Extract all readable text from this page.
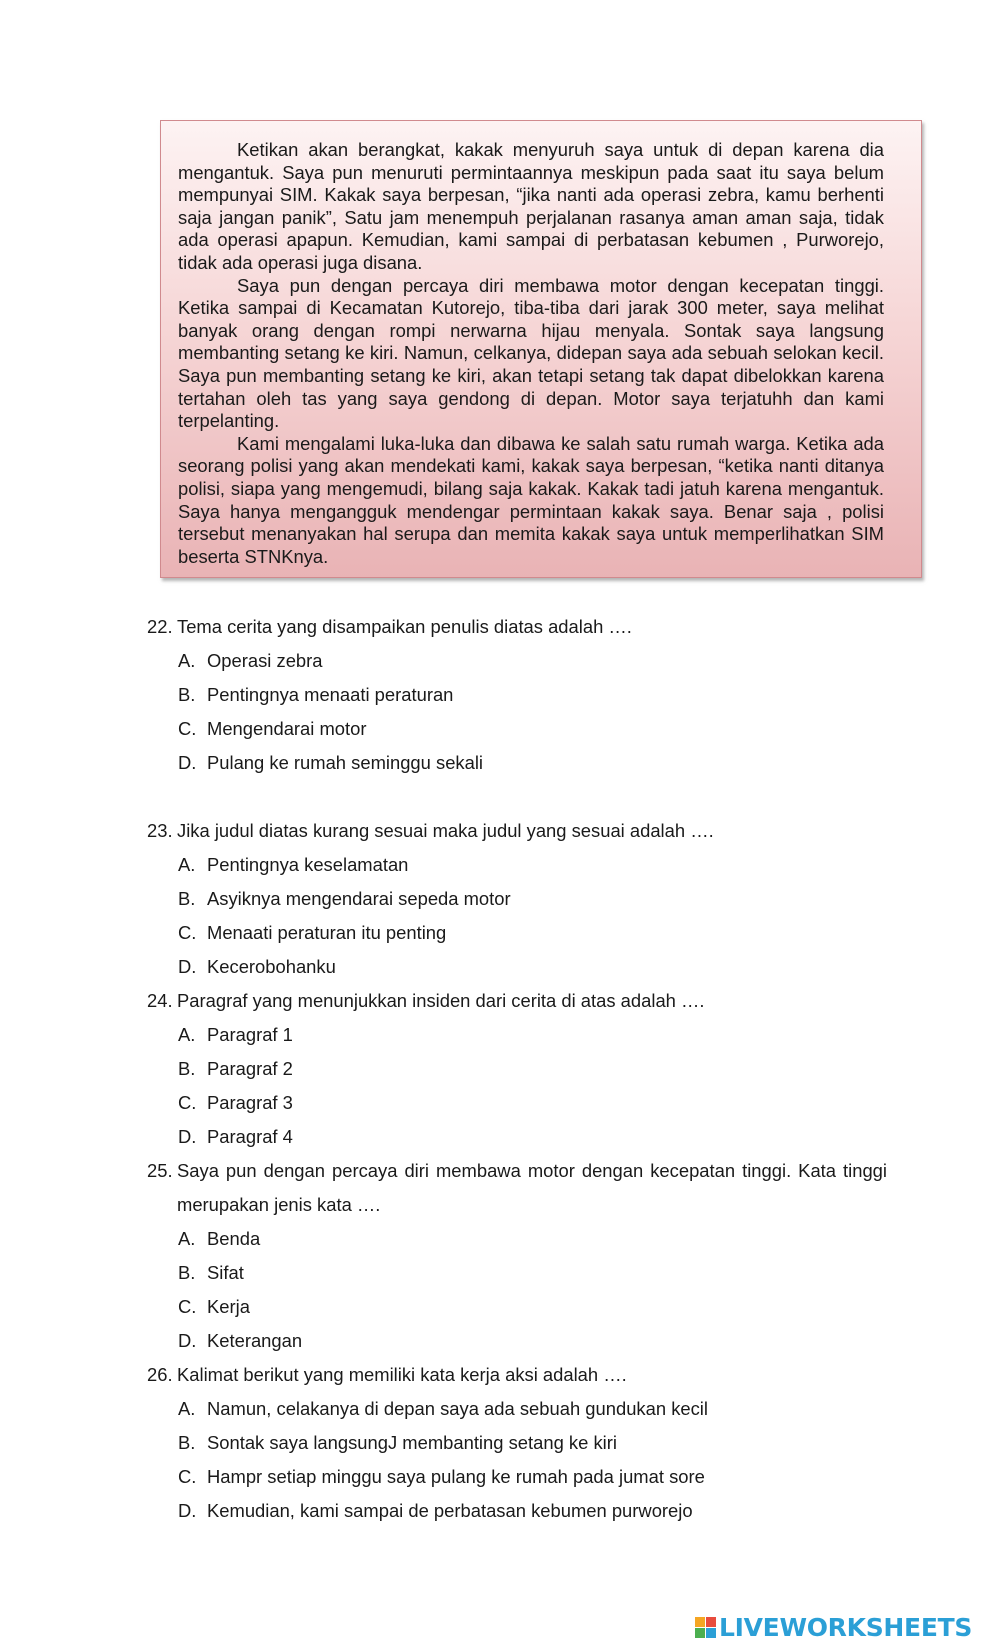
Ketikan akan berangkat, kakak menyuruh saya untuk di depan karena dia mengantuk. Saya pun menuruti permintaannya meskipun pada saat itu saya belum mempunyai SIM. Kakak saya berpesan, “jika nanti ada operasi zebra, kamu berhenti saja jangan panik”, Satu jam menempuh perjalanan rasanya aman aman saja, tidak ada operasi apapun. Kemudian, kami sampai di perbatasan kebumen , Purworejo, tidak ada operasi juga disana.

Saya pun dengan percaya diri membawa motor dengan kecepatan tinggi. Ketika sampai di Kecamatan Kutorejo, tiba-tiba dari jarak 300 meter, saya melihat banyak orang dengan rompi nerwarna hijau menyala. Sontak saya langsung membanting setang ke kiri. Namun, celkanya, didepan saya ada sebuah selokan kecil. Saya pun membanting setang ke kiri, akan tetapi setang tak dapat dibelokkan karena tertahan oleh tas yang saya gendong di depan. Motor saya terjatuhh dan kami terpelanting.

Kami mengalami luka-luka dan dibawa ke salah satu rumah warga. Ketika ada seorang polisi yang akan mendekati kami, kakak saya berpesan, “ketika nanti ditanya polisi, siapa yang mengemudi, bilang saja kakak. Kakak tadi jatuh karena mengantuk. Saya hanya mengangguk mendengar permintaan kakak saya. Benar saja , polisi tersebut menanyakan hal serupa dan memita kakak saya untuk memperlihatkan SIM beserta STNKnya.

22. Tema cerita yang disampaikan penulis diatas adalah ….
A. Operasi zebra
B. Pentingnya menaati peraturan
C. Mengendarai motor
D. Pulang ke rumah seminggu sekali
23. Jika judul diatas kurang sesuai maka judul yang sesuai adalah ….
A. Pentingnya keselamatan
B. Asyiknya mengendarai sepeda motor
C. Menaati peraturan itu penting
D. Kecerobohanku
24. Paragraf yang menunjukkan insiden dari cerita di atas adalah ….
A. Paragraf 1
B. Paragraf 2
C. Paragraf 3
D. Paragraf 4
25. Saya pun dengan percaya diri membawa motor dengan kecepatan tinggi. Kata tinggi merupakan jenis kata ….
A. Benda
B. Sifat
C. Kerja
D. Keterangan
26. Kalimat berikut yang memiliki kata kerja aksi adalah ….
A. Namun, celakanya di depan saya ada sebuah gundukan kecil
B. Sontak saya langsungJ membanting setang ke kiri
C. Hampr setiap minggu saya pulang ke rumah pada jumat sore
D. Kemudian, kami sampai de perbatasan kebumen purworejo
LIVEWORKSHEETS
